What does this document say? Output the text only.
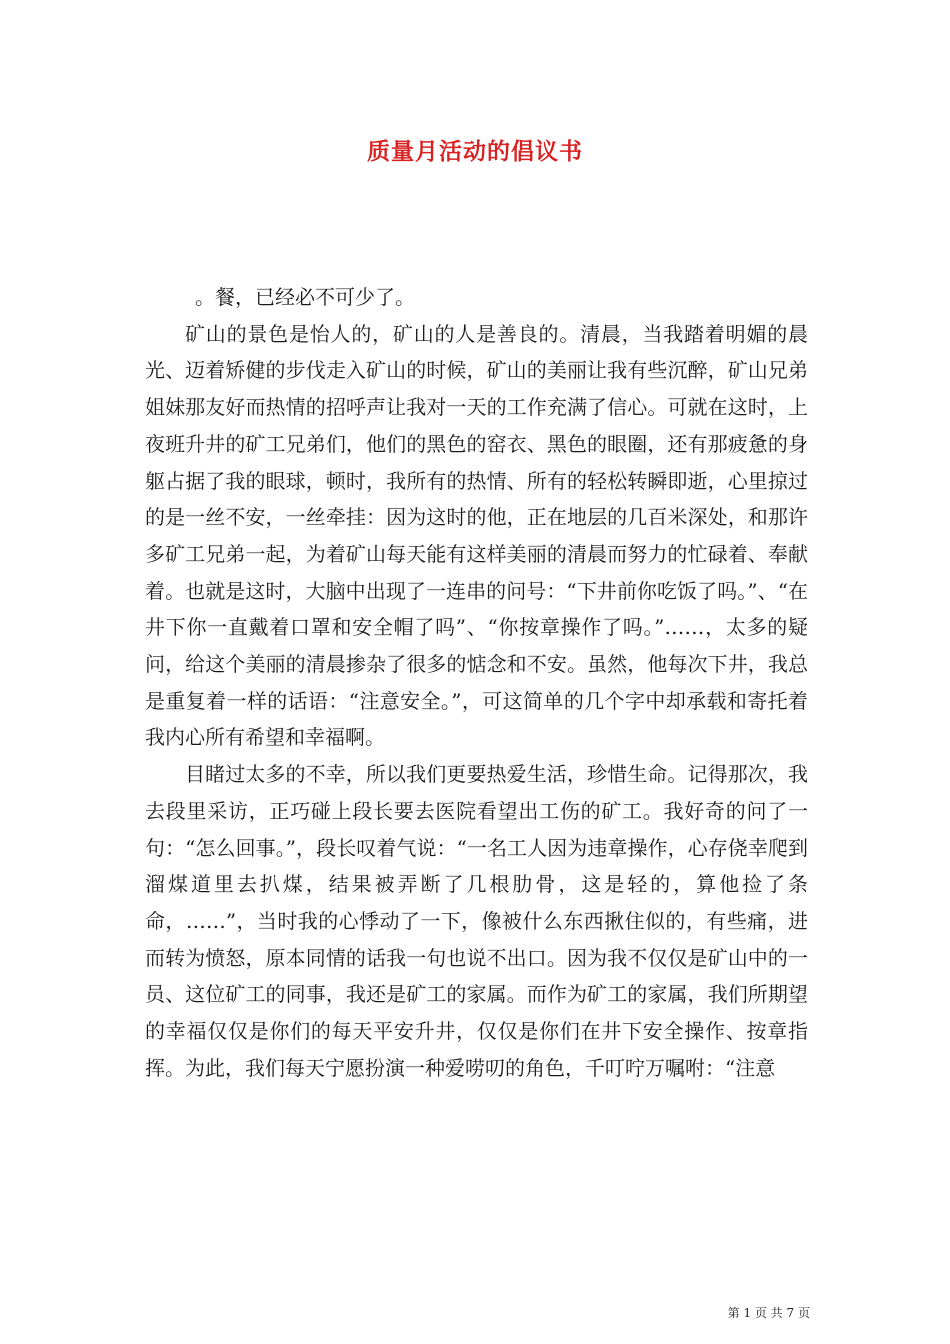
质量月活动的倡议书

。餐，已经必不可少了。

矿山的景色是怡人的，矿山的人是善良的。清晨，当我踏着明媚的晨光、迈着矫健的步伐走入矿山的时候，矿山的美丽让我有些沉醉，矿山兄弟姐妹那友好而热情的招呼声让我对一天的工作充满了信心。可就在这时，上夜班升井的矿工兄弟们，他们的黑色的窑衣、黑色的眼圈，还有那疲惫的身躯占据了我的眼球，顿时，我所有的热情、所有的轻松转瞬即逝，心里掠过的是一丝不安，一丝牵挂：因为这时的他，正在地层的几百米深处，和那许多矿工兄弟一起，为着矿山每天能有这样美丽的清晨而努力的忙碌着、奉献着。也就是这时，大脑中出现了一连串的问号：“下井前你吃饭了吗。”、“在井下你一直戴着口罩和安全帽了吗”、“你按章操作了吗。”……，太多的疑问，给这个美丽的清晨掺杂了很多的惦念和不安。虽然，他每次下井，我总是重复着一样的话语：“注意安全。”，可这简单的几个字中却承载和寄托着我内心所有希望和幸福啊。

目睹过太多的不幸，所以我们更要热爱生活，珍惜生命。记得那次，我去段里采访，正巧碰上段长要去医院看望出工伤的矿工。我好奇的问了一句：“怎么回事。”，段长叹着气说：“一名工人因为违章操作，心存侥幸爬到溜煤道里去扒煤，结果被弄断了几根肋骨，这是轻的，算他捡了条命，……”，当时我的心悸动了一下，像被什么东西揪住似的，有些痛，进而转为愤怒，原本同情的话我一句也说不出口。因为我不仅仅是矿山中的一员、这位矿工的同事，我还是矿工的家属。而作为矿工的家属，我们所期望的幸福仅仅是你们的每天平安升井，仅仅是你们在井下安全操作、按章指挥。为此，我们每天宁愿扮演一种爱唠叨的角色，千叮咛万嘱咐：“注意

第 1 页 共 7 页
